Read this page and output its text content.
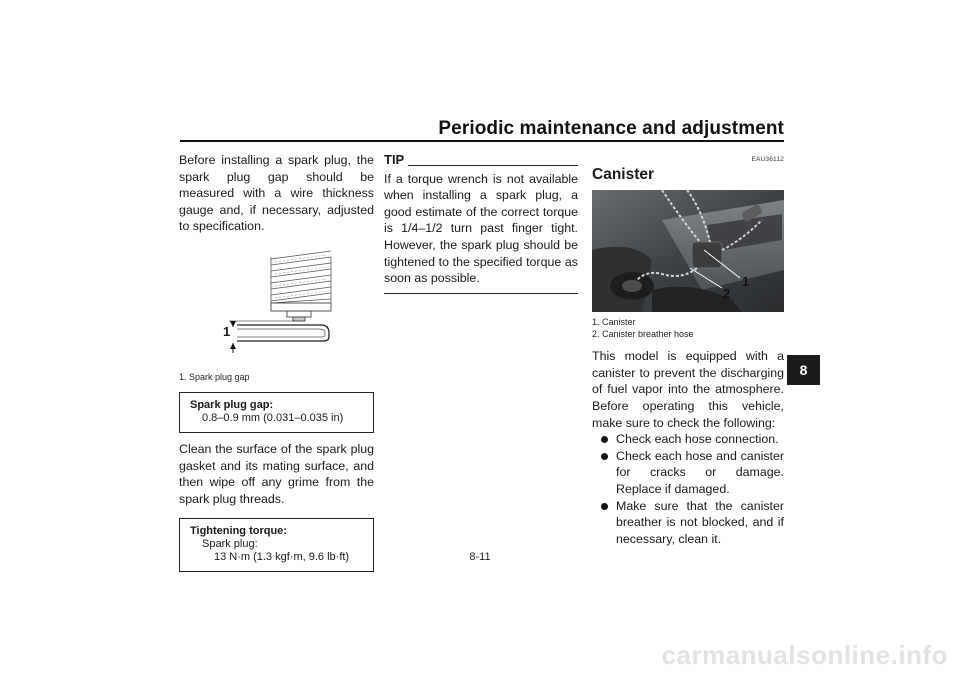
Periodic maintenance and adjustment

Before installing a spark plug, the spark plug gap should be measured with a wire thickness gauge and, if necessary, adjusted to specification.

1

1. Spark plug gap

Spark plug gap:
0.8–0.9 mm (0.031–0.035 in)

Clean the surface of the spark plug gasket and its mating surface, and then wipe off any grime from the spark plug threads.

Tightening torque:
Spark plug:
13 N·m (1.3 kgf·m, 9.6 lb·ft)
TIP

If a torque wrench is not available when installing a spark plug, a good estimate of the correct torque is 1/4–1/2 turn past finger tight. However, the spark plug should be tightened to the specified torque as soon as possible.

EAU36112
Canister
1
2

1. Canister

2. Canister breather hose

This model is equipped with a canister to prevent the discharging of fuel vapor into the atmosphere. Before operating this vehicle, make sure to check the following:

Check each hose connection.
Check each hose and canister for cracks or damage. Replace if damaged.
Make sure that the canister breather is not blocked, and if necessary, clean it.
8
8-11
carmanualsonline.info
